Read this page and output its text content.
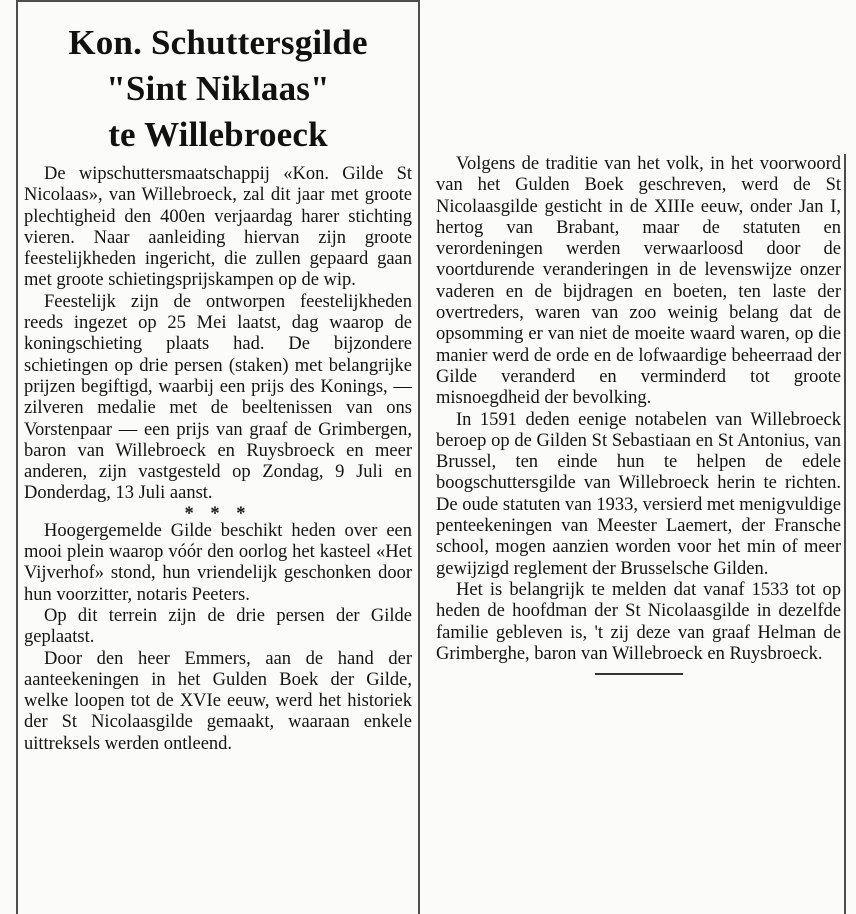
Kon. Schuttersgilde
"Sint Niklaas"
te Willebroeck

De wipschuttersmaatschappij «Kon. Gilde St Nicolaas», van Willebroeck, zal dit jaar met groote plechtigheid den 400en verjaardag harer stichting vieren. Naar aanleiding hiervan zijn groote feestelijkheden ingericht, die zullen gepaard gaan met groote schietingsprijskampen op de wip.

Feestelijk zijn de ontworpen feestelijkheden reeds ingezet op 25 Mei laatst, dag waarop de koningschieting plaats had. De bijzondere schietingen op drie persen (staken) met belangrijke prijzen begiftigd, waarbij een prijs des Konings, — zilveren medalie met de beeltenissen van ons Vorstenpaar — een prijs van graaf de Grimbergen, baron van Willebroeck en Ruysbroeck en meer anderen, zijn vastgesteld op Zondag, 9 Juli en Donderdag, 13 Juli aanst.

* * *

Hoogergemelde Gilde beschikt heden over een mooi plein waarop vóór den oorlog het kasteel «Het Vijverhof» stond, hun vriendelijk geschonken door hun voorzitter, notaris Peeters.

Op dit terrein zijn de drie persen der Gilde geplaatst.

Door den heer Emmers, aan de hand der aanteekeningen in het Gulden Boek der Gilde, welke loopen tot de XVIe eeuw, werd het historiek der St Nicolaasgilde gemaakt, waaraan enkele uittreksels werden ontleend.

Volgens de traditie van het volk, in het voorwoord van het Gulden Boek geschreven, werd de St Nicolaasgilde gesticht in de XIIIe eeuw, onder Jan I, hertog van Brabant, maar de statuten en verordeningen werden verwaarloosd door de voortdurende veranderingen in de levenswijze onzer vaderen en de bijdragen en boeten, ten laste der overtreders, waren van zoo weinig belang dat de opsomming er van niet de moeite waard waren, op die manier werd de orde en de lofwaardige beheerraad der Gilde veranderd en verminderd tot groote misnoegdheid der bevolking.

In 1591 deden eenige notabelen van Willebroeck beroep op de Gilden St Sebastiaan en St Antonius, van Brussel, ten einde hun te helpen de edele boogschuttersgilde van Willebroeck herin te richten. De oude statuten van 1933, versierd met menigvuldige penteekeningen van Meester Laemert, der Fransche school, mogen aanzien worden voor het min of meer gewijzigd reglement der Brusselsche Gilden.

Het is belangrijk te melden dat vanaf 1533 tot op heden de hoofdman der St Nicolaasgilde in dezelfde familie gebleven is, 't zij deze van graaf Helman de Grimberghe, baron van Willebroeck en Ruysbroeck.
